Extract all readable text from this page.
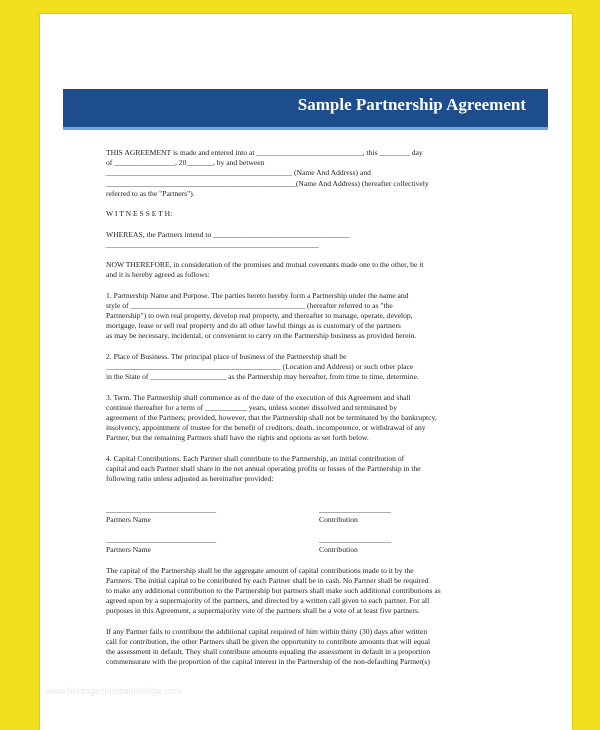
Sample Partnership Agreement
THIS AGREEMENT is made and entered into at ____________________________, this ________ day
of ________________, 20_______, by and between
_________________________________________________ (Name And Address) and
__________________________________________________(Name And Address) (hereafter collectively
referred to as the "Partners").
W I T N E S S E T H:
WHEREAS, the Partners intend to ____________________________________
________________________________________________________
NOW THEREFORE, in consideration of the promises and mutual covenants made one to the other, be it
and it is hereby agreed as follows:
1. Partnership Name and Purpose. The parties hereto hereby form a Partnership under the name and
style of ______________________________________________ (hereafter referred to as "the
Partnership") to own real property, develop real property, and thereafter to manage, operate, develop,
mortgage, lease or sell real property and do all other lawful things as is customary of the partners
as may be necessary, incidental, or convenient to carry on the Partnership business as provided herein.
2. Place of Business. The principal place of business of the Partnership shall be
______________________________________________ (Location and Address) or such other place
in the State of ____________________ as the Partnership may hereafter, from time to time, determine.
3. Term. The Partnership shall commence as of the date of the execution of this Agreement and shall
continue thereafter for a term of ___________ years, unless sooner dissolved and terminated by
agreement of the Partners; provided, however, that the Partnership shall not be terminated by the bankruptcy,
insolvency, appointment of trustee for the benefit of creditors, death, incompetence, or withdrawal of any
Partner, but the remaining Partners shall have the rights and options as set forth below.
4. Capital Contributions. Each Partner shall contribute to the Partnership, an initial contribution of
capital and each Partner shall share in the net annual operating profits or losses of the Partnership in the
following ratio unless adjusted as hereinafter provided:
_____________________________
Partners Name
___________________
Contribution
_____________________________
Partners Name
___________________
Contribution
The capital of the Partnership shall be the aggregate amount of capital contributions made to it by the
Partners. The initial capital to be contributed by each Partner shall be in cash. No Partner shall be required
to make any additional contribution to the Partnership but partners shall make such additional contributions as
agreed upon by a supermajority of the partners, and directed by a written call given to each partner. For all
purposes in this Agreement, a supermajority vote of the partners shall be a vote of at least five partners.
If any Partner fails to contribute the additional capital required of him within thirty (30) days after written
call for contribution, the other Partners shall be given the opportunity to contribute amounts that will equal
the assessment in default. They shall contribute amounts equaling the assessment in default in a proportion
commensurate with the proportion of the capital interest in the Partnership of the non-defaulting Partner(s)
www.heritagechristiancollege.com
